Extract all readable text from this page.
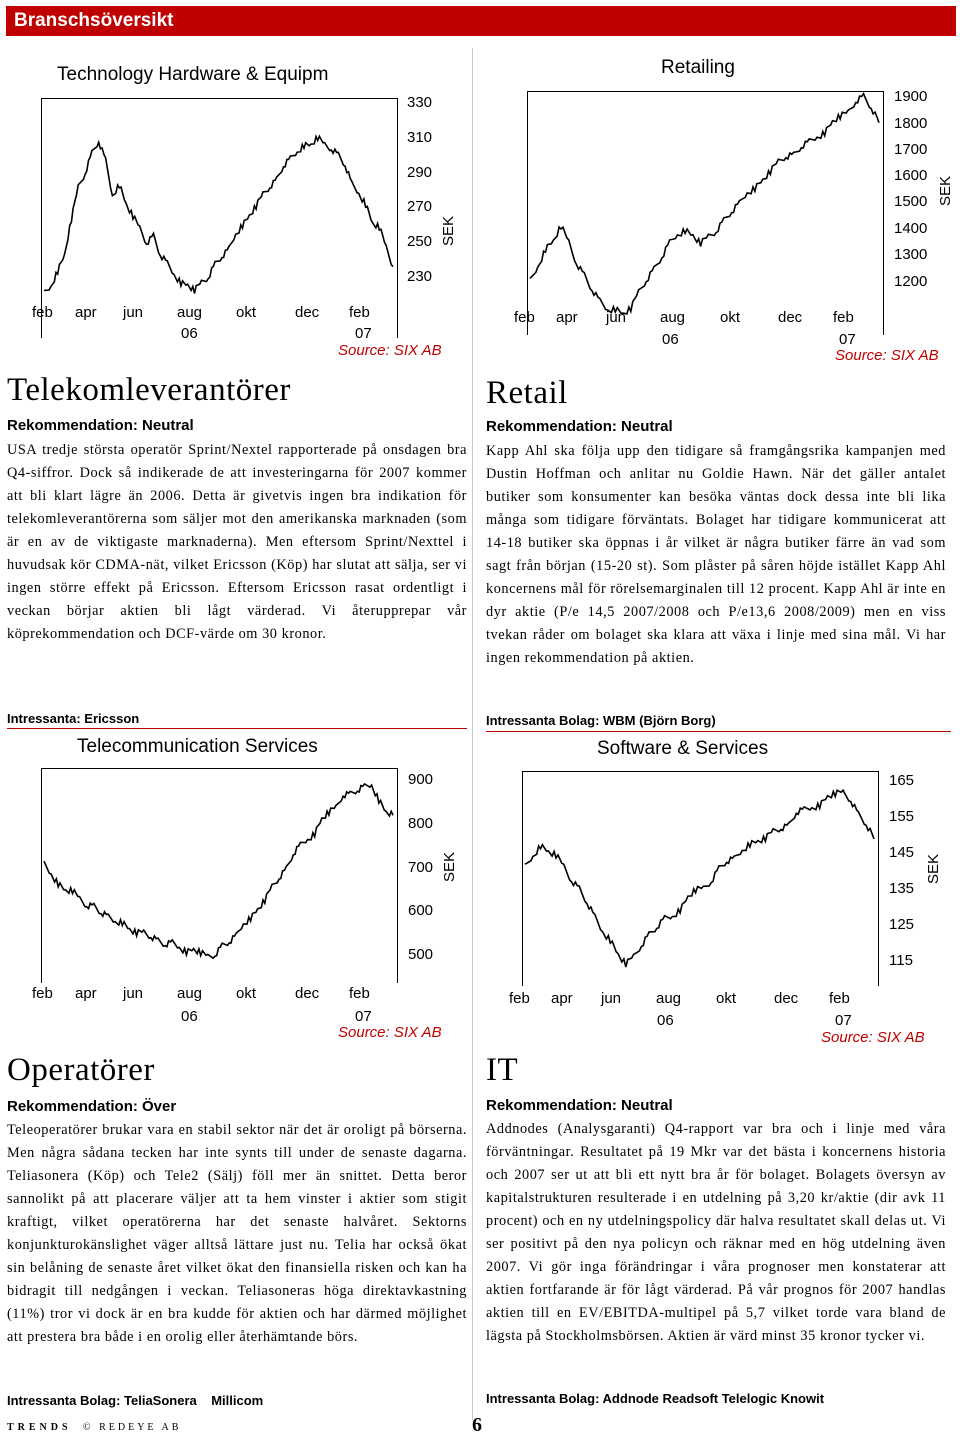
Branschsöversikt
Technology Hardware & Equipm
330
310
290
270
250
230
SEK
feb apr jun aug okt	dec feb
06	07
Source: SIX AB
Retailing
1900
1800
1700
1600
1500
1400
1300
1200
SEK
feb apr jun aug okt	dec feb
06	07
Source: SIX AB
Telekomleverantörer
Rekommendation: Neutral
USA tredje största operatör Sprint/Nextel rapporterade på onsdagen bra Q4-siffror. Dock så indikerade de att investeringarna för 2007 kommer att bli klart lägre än 2006. Detta är givetvis ingen bra indikation för telekomleverantörerna som säljer mot den amerikanska marknaden (som är en av de viktigaste marknaderna). Men eftersom Sprint/Nexttel i huvudsak kör CDMA-nät, vilket Ericsson (Köp) har slutat att sälja, ser vi ingen större effekt på Ericsson. Eftersom Ericsson rasat ordentligt i veckan börjar aktien bli lågt värderad. Vi återupprepar vår köprekommendation och DCF-värde om 30 kronor.
Intressanta: Ericsson
Retail
Rekommendation: Neutral
Kapp Ahl ska följa upp den tidigare så framgångsrika kampanjen med Dustin Hoffman och anlitar nu Goldie Hawn. När det gäller antalet butiker som konsumenter kan besöka väntas dock dessa inte bli lika många som tidigare förväntats. Bolaget har tidigare kommunicerat att 14-18 butiker ska öppnas i år vilket är några butiker färre än vad som sagt från början (15-20 st). Som plåster på såren höjde istället Kapp Ahl koncernens mål för rörelsemarginalen till 12 procent. Kapp Ahl är inte en dyr aktie (P/e 14,5 2007/2008 och P/e13,6 2008/2009) men en viss tvekan råder om bolaget ska klara att växa i linje med sina mål. Vi har ingen rekommendation på aktien.
Intressanta Bolag: WBM (Björn Borg)
Telecommunication Services
900
800
700
600
500
SEK
feb apr jun aug okt	dec feb
06	07
Source: SIX AB
Software & Services
165
155
145
135
125
115
SEK
feb apr jun aug okt	dec feb
06	07
Source: SIX AB
Operatörer
Rekommendation: Över
Teleoperatörer brukar vara en stabil sektor när det är oroligt på börserna. Men några sådana tecken har inte synts till under de senaste dagarna. Teliasonera (Köp) och Tele2 (Sälj) föll mer än snittet. Detta beror sannolikt på att placerare väljer att ta hem vinster i aktier som stigit kraftigt, vilket operatörerna har det senaste halvåret. Sektorns konjunkturokänslighet väger alltså lättare just nu. Telia har också ökat sin belåning de senaste året vilket ökat den finansiella risken och kan ha bidragit till nedgången i veckan. Teliasoneras höga direktavkastning (11%) tror vi dock är en bra kudde för aktien och har därmed möjlighet att prestera bra både i en orolig eller återhämtande börs.
Intressanta Bolag: TeliaSonera    Millicom
IT
Rekommendation: Neutral
Addnodes (Analysgaranti) Q4-rapport var bra och i linje med våra förväntningar. Resultatet på 19 Mkr var det bästa i koncernens historia och 2007 ser ut att bli ett nytt bra år för bolaget. Bolagets översyn av kapitalstrukturen resulterade i en utdelning på 3,20 kr/aktie (dir avk 11 procent) och en ny utdelningspolicy där halva resultatet skall delas ut. Vi ser positivt på den nya policyn och räknar med en hög utdelning även 2007. Vi gör inga förändringar i våra prognoser men konstaterar att aktien fortfarande är för lågt värderad. På vår prognos för 2007 handlas aktien till en EV/EBITDA-multipel på 5,7 vilket torde vara bland de lägsta på Stockholmsbörsen. Aktien är värd minst 35 kronor tycker vi.
Intressanta Bolag: Addnode Readsoft Telelogic Knowit
TRENDS © REDEYE AB	6
